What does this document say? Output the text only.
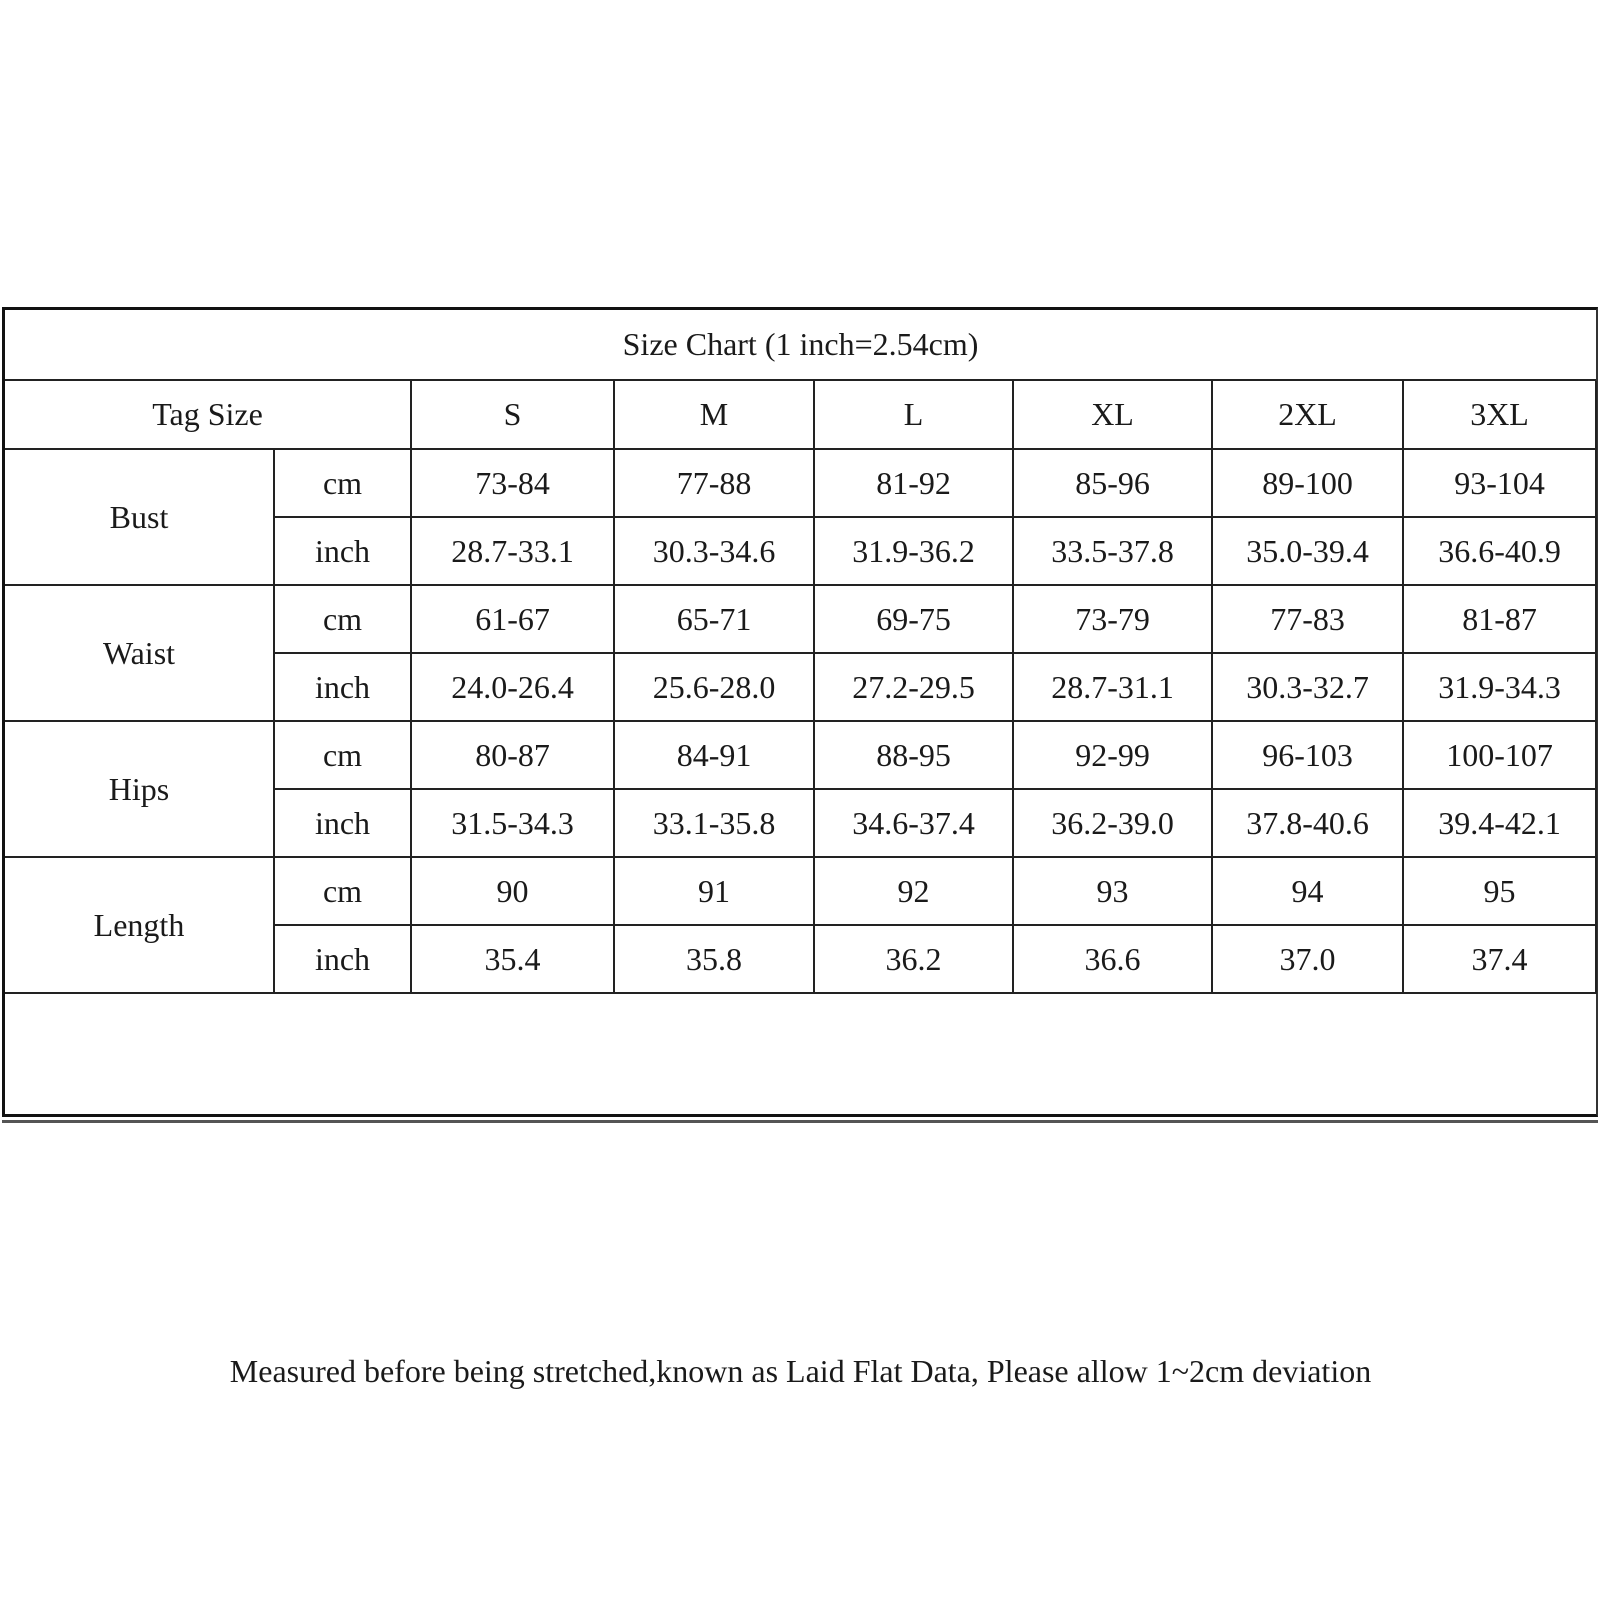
Size Chart (1 inch=2.54cm)
Tag Size		S	M	L	XL	2XL	3XL
Bust	cm	73-84	77-88	81-92	85-96	89-100	93-104
	inch	28.7-33.1	30.3-34.6	31.9-36.2	33.5-37.8	35.0-39.4	36.6-40.9
Waist	cm	61-67	65-71	69-75	73-79	77-83	81-87
	inch	24.0-26.4	25.6-28.0	27.2-29.5	28.7-31.1	30.3-32.7	31.9-34.3
Hips	cm	80-87	84-91	88-95	92-99	96-103	100-107
	inch	31.5-34.3	33.1-35.8	34.6-37.4	36.2-39.0	37.8-40.6	39.4-42.1
Length	cm	90	91	92	93	94	95
	inch	35.4	35.8	36.2	36.6	37.0	37.4
Measured before being stretched,known as Laid Flat Data, Please allow 1~2cm deviation
